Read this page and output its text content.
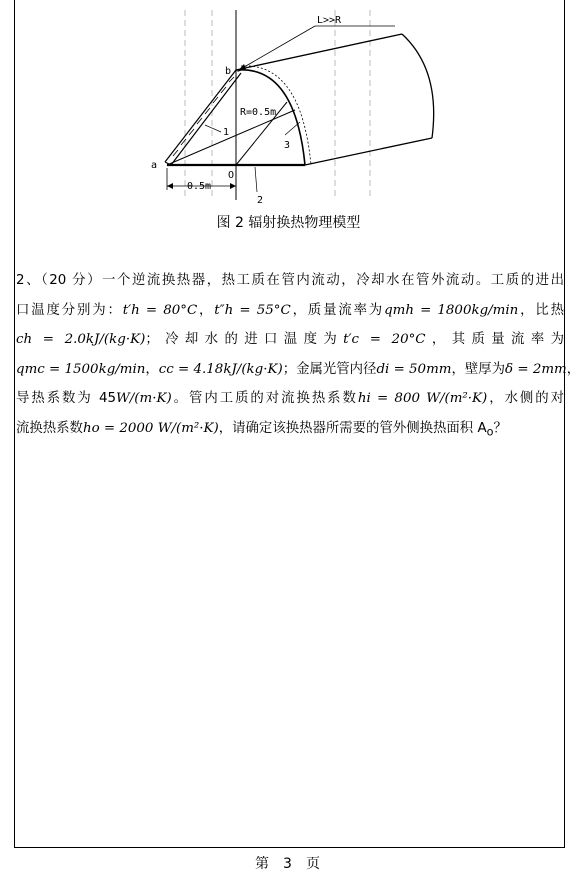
L>>R
b
a
R=0.5m
1
2
3
O
0.5m
图 2 辐射换热物理模型

2、（20 分）一个逆流换热器，热工质在管内流动，冷却水在管外流动。工质的进出

口温度分别为：t′h = 80°C，t″h = 55°C，质量流率为qmh = 1800kg/min，比热

ch = 2.0kJ/(kg·K)；冷却水的进口温度为t′c = 20°C，其质量流率为

qmc = 1500kg/min，cc = 4.18kJ/(kg·K)；金属光管内径di = 50mm，壁厚为δ = 2mm，

导热系数为 45W/(m·K)。管内工质的对流换热系数hi = 800 W/(m²·K)，水侧的对

流换热系数ho = 2000 W/(m²·K)，请确定该换热器所需要的管外侧换热面积 $A_o$？

第 3 页
